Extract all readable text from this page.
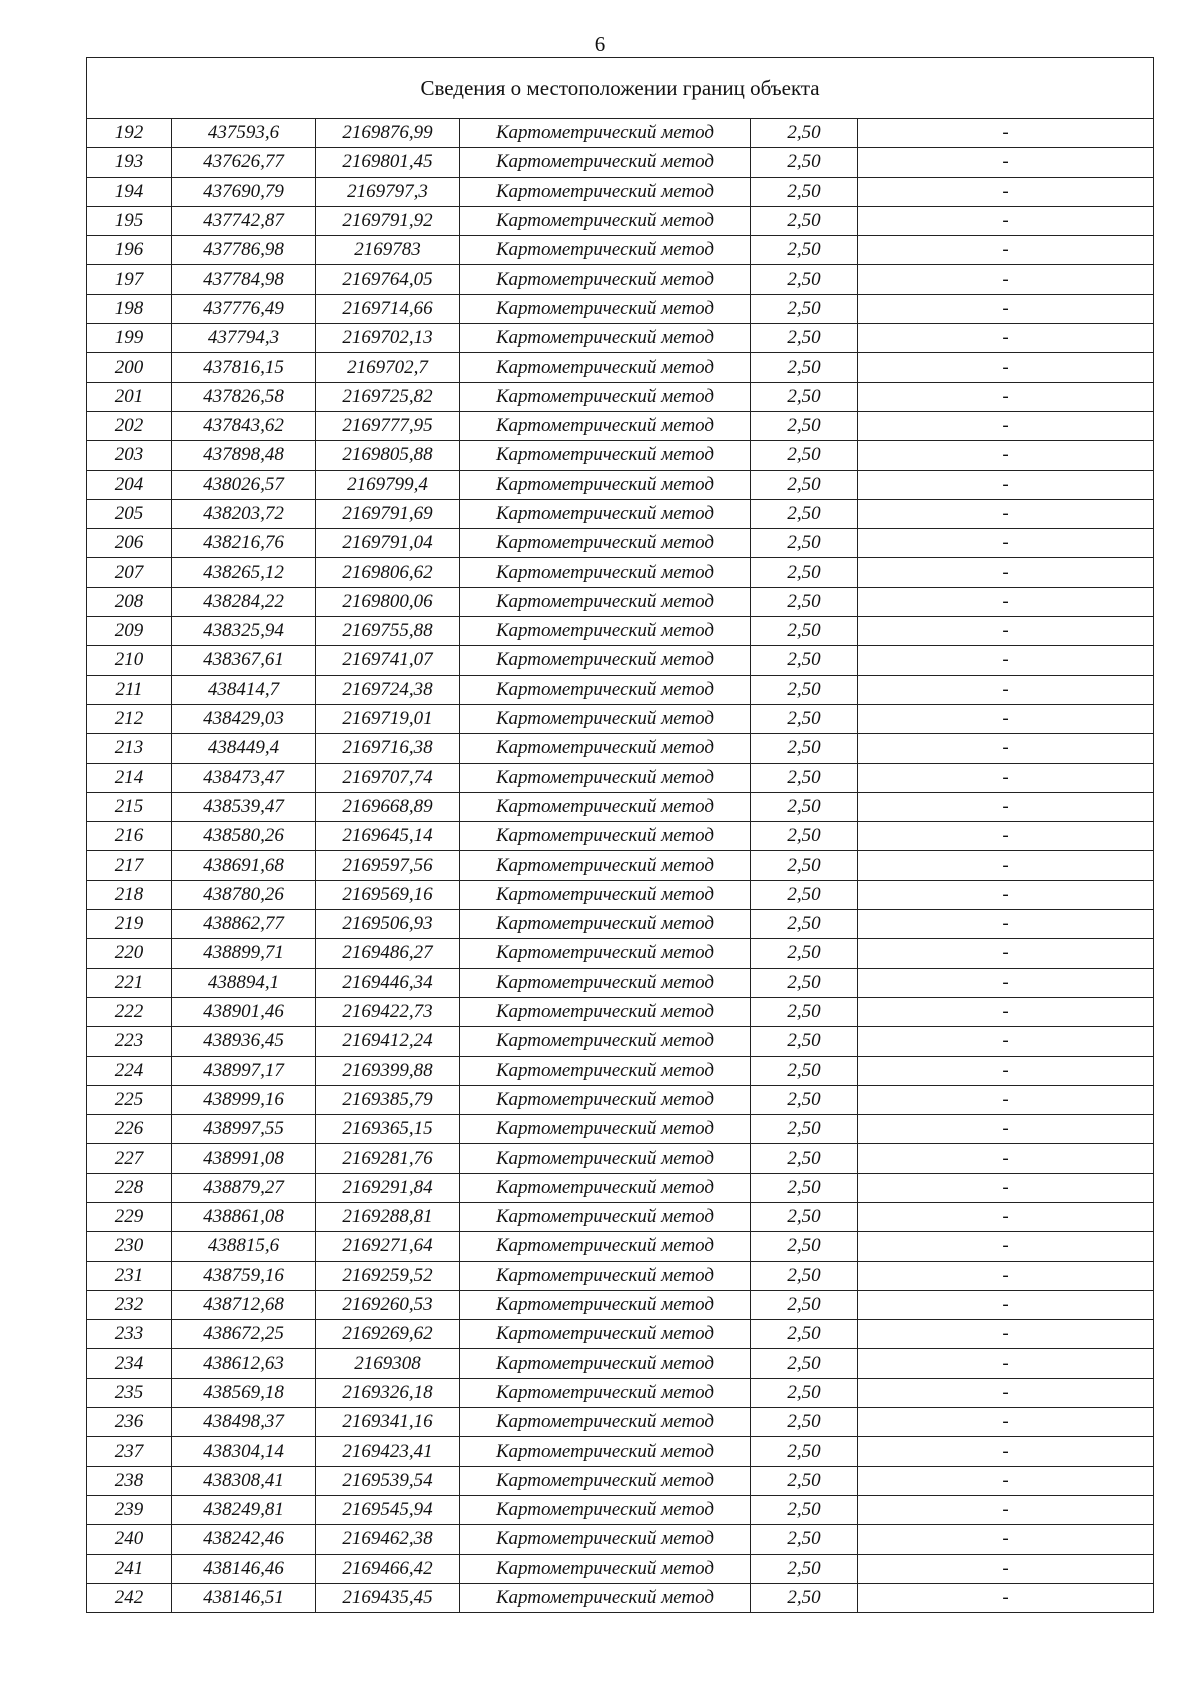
6
Сведения о местоположении границ объекта					
192	437593,6	2169876,99	Картометрический метод	2,50	-
193	437626,77	2169801,45	Картометрический метод	2,50	-
194	437690,79	2169797,3	Картометрический метод	2,50	-
195	437742,87	2169791,92	Картометрический метод	2,50	-
196	437786,98	2169783	Картометрический метод	2,50	-
197	437784,98	2169764,05	Картометрический метод	2,50	-
198	437776,49	2169714,66	Картометрический метод	2,50	-
199	437794,3	2169702,13	Картометрический метод	2,50	-
200	437816,15	2169702,7	Картометрический метод	2,50	-
201	437826,58	2169725,82	Картометрический метод	2,50	-
202	437843,62	2169777,95	Картометрический метод	2,50	-
203	437898,48	2169805,88	Картометрический метод	2,50	-
204	438026,57	2169799,4	Картометрический метод	2,50	-
205	438203,72	2169791,69	Картометрический метод	2,50	-
206	438216,76	2169791,04	Картометрический метод	2,50	-
207	438265,12	2169806,62	Картометрический метод	2,50	-
208	438284,22	2169800,06	Картометрический метод	2,50	-
209	438325,94	2169755,88	Картометрический метод	2,50	-
210	438367,61	2169741,07	Картометрический метод	2,50	-
211	438414,7	2169724,38	Картометрический метод	2,50	-
212	438429,03	2169719,01	Картометрический метод	2,50	-
213	438449,4	2169716,38	Картометрический метод	2,50	-
214	438473,47	2169707,74	Картометрический метод	2,50	-
215	438539,47	2169668,89	Картометрический метод	2,50	-
216	438580,26	2169645,14	Картометрический метод	2,50	-
217	438691,68	2169597,56	Картометрический метод	2,50	-
218	438780,26	2169569,16	Картометрический метод	2,50	-
219	438862,77	2169506,93	Картометрический метод	2,50	-
220	438899,71	2169486,27	Картометрический метод	2,50	-
221	438894,1	2169446,34	Картометрический метод	2,50	-
222	438901,46	2169422,73	Картометрический метод	2,50	-
223	438936,45	2169412,24	Картометрический метод	2,50	-
224	438997,17	2169399,88	Картометрический метод	2,50	-
225	438999,16	2169385,79	Картометрический метод	2,50	-
226	438997,55	2169365,15	Картометрический метод	2,50	-
227	438991,08	2169281,76	Картометрический метод	2,50	-
228	438879,27	2169291,84	Картометрический метод	2,50	-
229	438861,08	2169288,81	Картометрический метод	2,50	-
230	438815,6	2169271,64	Картометрический метод	2,50	-
231	438759,16	2169259,52	Картометрический метод	2,50	-
232	438712,68	2169260,53	Картометрический метод	2,50	-
233	438672,25	2169269,62	Картометрический метод	2,50	-
234	438612,63	2169308	Картометрический метод	2,50	-
235	438569,18	2169326,18	Картометрический метод	2,50	-
236	438498,37	2169341,16	Картометрический метод	2,50	-
237	438304,14	2169423,41	Картометрический метод	2,50	-
238	438308,41	2169539,54	Картометрический метод	2,50	-
239	438249,81	2169545,94	Картометрический метод	2,50	-
240	438242,46	2169462,38	Картометрический метод	2,50	-
241	438146,46	2169466,42	Картометрический метод	2,50	-
242	438146,51	2169435,45	Картометрический метод	2,50	-
